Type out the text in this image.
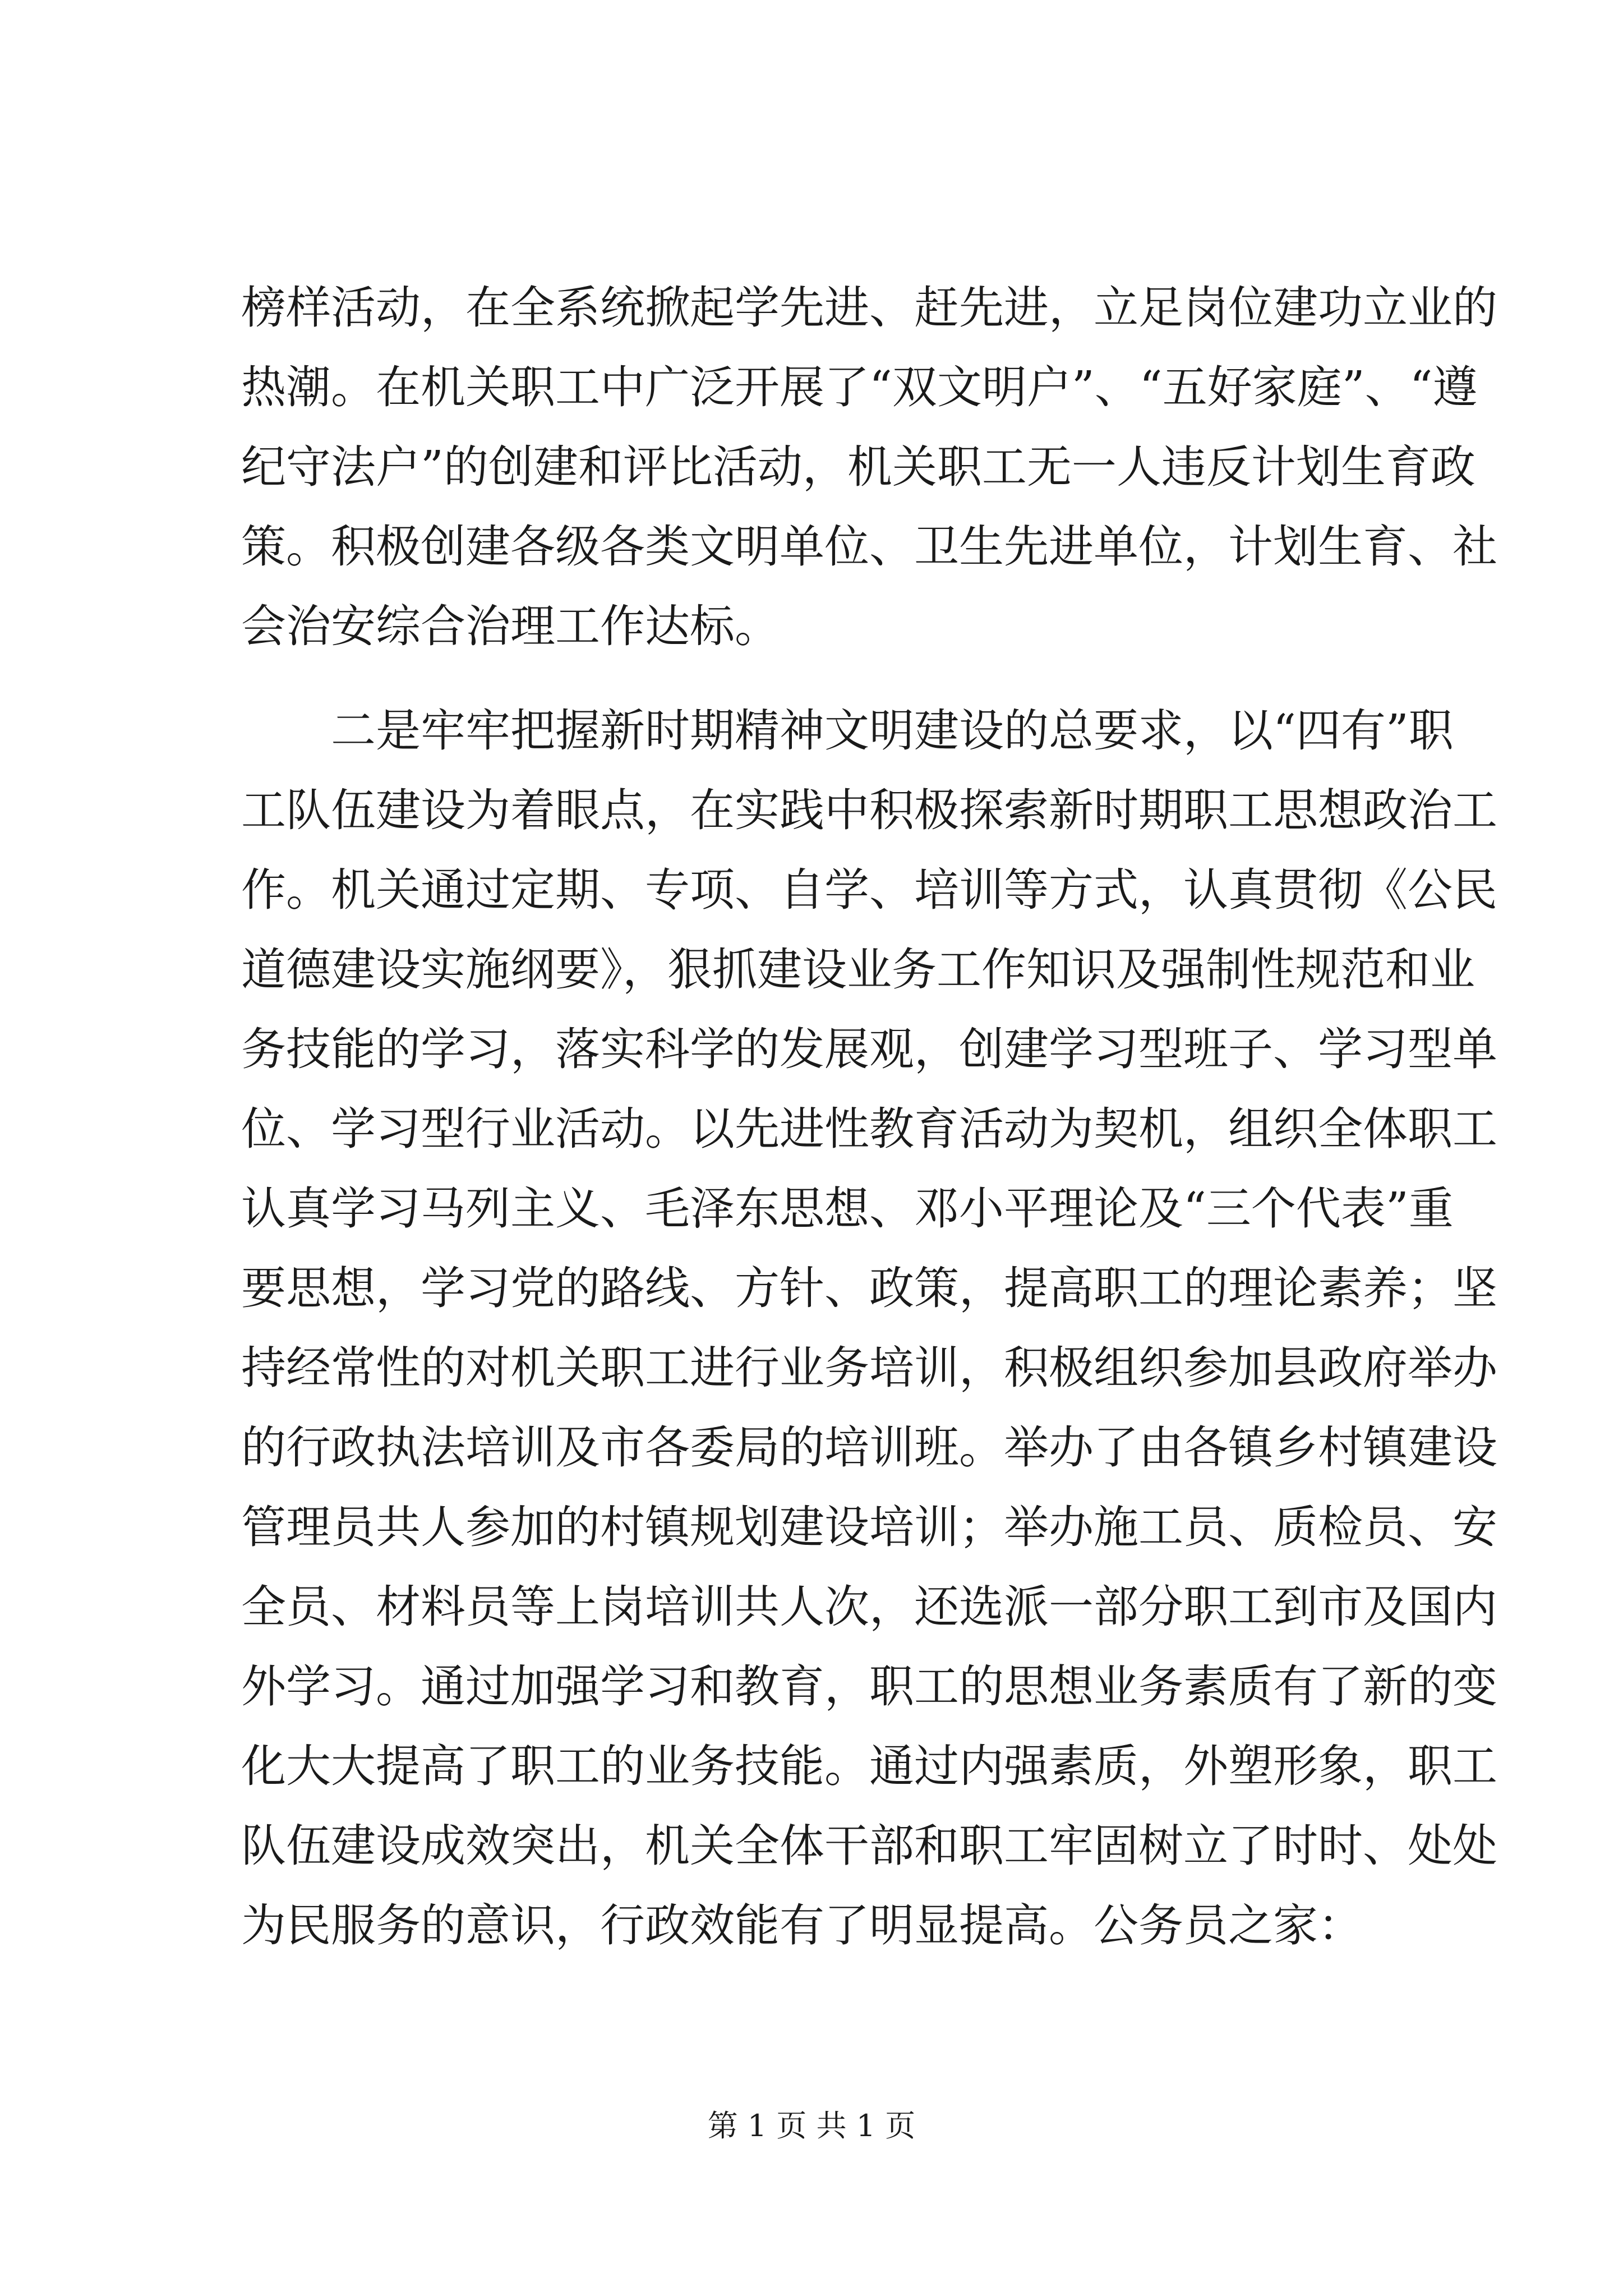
榜样活动，在全系统掀起学先进、赶先进，立足岗位建功立业的
热潮。在机关职工中广泛开展了“双文明户”、“五好家庭”、“遵
纪守法户”的创建和评比活动，机关职工无一人违反计划生育政
策。积极创建各级各类文明单位、卫生先进单位，计划生育、社
会治安综合治理工作达标。
二是牢牢把握新时期精神文明建设的总要求，以“四有”职
工队伍建设为着眼点，在实践中积极探索新时期职工思想政治工
作。机关通过定期、专项、自学、培训等方式，认真贯彻《公民
道德建设实施纲要》，狠抓建设业务工作知识及强制性规范和业
务技能的学习，落实科学的发展观，创建学习型班子、学习型单
位、学习型行业活动。以先进性教育活动为契机，组织全体职工
认真学习马列主义、毛泽东思想、邓小平理论及“三个代表”重
要思想，学习党的路线、方针、政策，提高职工的理论素养；坚
持经常性的对机关职工进行业务培训，积极组织参加县政府举办
的行政执法培训及市各委局的培训班。举办了由各镇乡村镇建设
管理员共人参加的村镇规划建设培训；举办施工员、质检员、安
全员、材料员等上岗培训共人次，还选派一部分职工到市及国内
外学习。通过加强学习和教育，职工的思想业务素质有了新的变
化大大提高了职工的业务技能。通过内强素质，外塑形象，职工
队伍建设成效突出，机关全体干部和职工牢固树立了时时、处处
为民服务的意识，行政效能有了明显提高。公务员之家：
第 1 页 共 1 页
